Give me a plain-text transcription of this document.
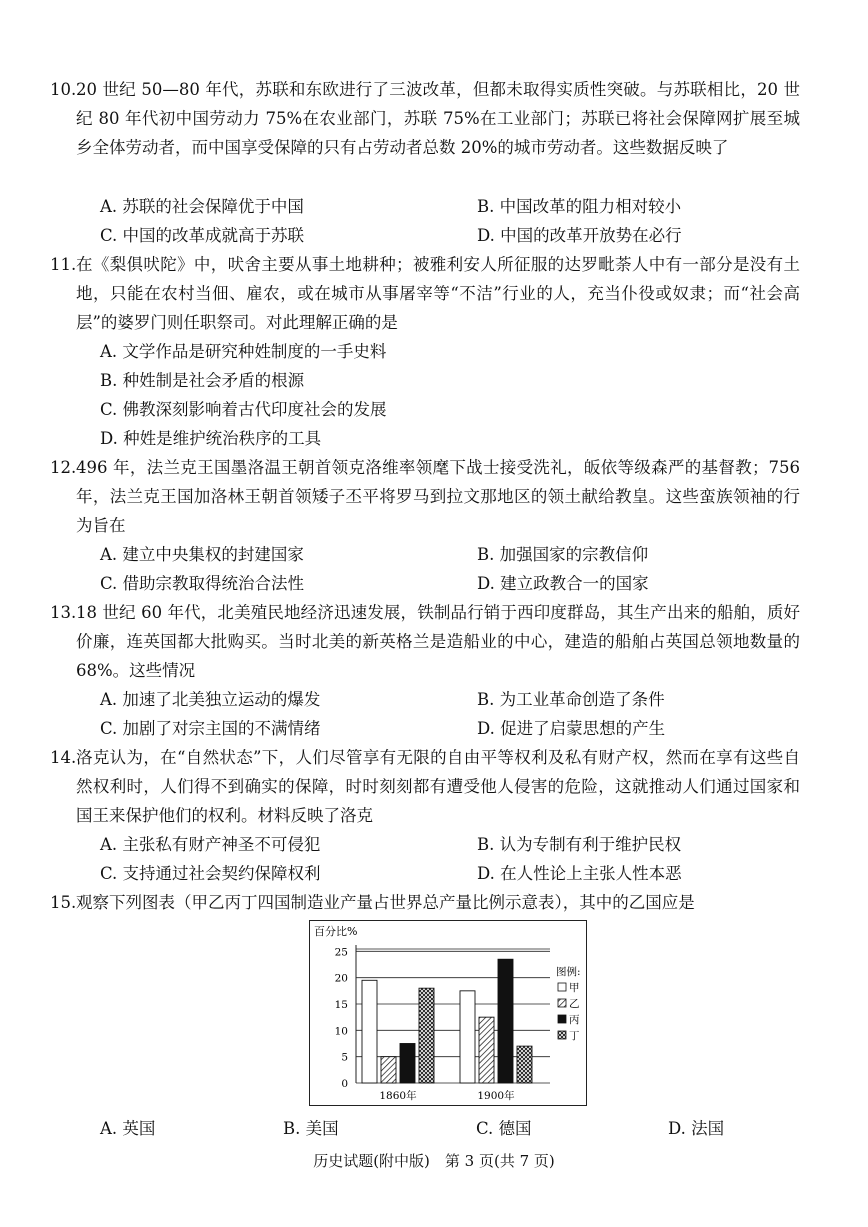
10. 20 世纪 50—80 年代，苏联和东欧进行了三波改革，但都未取得实质性突破。与苏联相比，20 世纪 80 年代初中国劳动力 75%在农业部门，苏联 75%在工业部门；苏联已将社会保障网扩展至城乡全体劳动者，而中国享受保障的只有占劳动者总数 20%的城市劳动者。这些数据反映了
A. 苏联的社会保障优于中国	B. 中国改革的阻力相对较小
C. 中国的改革成就高于苏联	D. 中国的改革开放势在必行
11. 在《梨俱吠陀》中，吠舍主要从事土地耕种；被雅利安人所征服的达罗毗荼人中有一部分是没有土地，只能在农村当佃、雇农，或在城市从事屠宰等“不洁”行业的人，充当仆役或奴隶；而“社会高层”的婆罗门则任职祭司。对此理解正确的是
A. 文学作品是研究种姓制度的一手史料
B. 种姓制是社会矛盾的根源
C. 佛教深刻影响着古代印度社会的发展
D. 种姓是维护统治秩序的工具
12. 496 年，法兰克王国墨洛温王朝首领克洛维率领麾下战士接受洗礼，皈依等级森严的基督教；756 年，法兰克王国加洛林王朝首领矮子丕平将罗马到拉文那地区的领土献给教皇。这些蛮族领袖的行为旨在
A. 建立中央集权的封建国家	B. 加强国家的宗教信仰
C. 借助宗教取得统治合法性	D. 建立政教合一的国家
13. 18 世纪 60 年代，北美殖民地经济迅速发展，铁制品行销于西印度群岛，其生产出来的船舶，质好价廉，连英国都大批购买。当时北美的新英格兰是造船业的中心，建造的船舶占英国总领地数量的 68%。这些情况
A. 加速了北美独立运动的爆发	B. 为工业革命创造了条件
C. 加剧了对宗主国的不满情绪	D. 促进了启蒙思想的产生
14. 洛克认为，在“自然状态”下，人们尽管享有无限的自由平等权利及私有财产权，然而在享有这些自然权利时，人们得不到确实的保障，时时刻刻都有遭受他人侵害的危险，这就推动人们通过国家和国王来保护他们的权利。材料反映了洛克
A. 主张私有财产神圣不可侵犯	B. 认为专制有利于维护民权
C. 支持通过社会契约保障权利	D. 在人性论上主张人性本恶
15. 观察下列图表（甲乙丙丁四国制造业产量占世界总产量比例示意表），其中的乙国应是
百分比%
0
5
10
15
20
25
1860年	1900年
图例:
甲
乙
丙
丁
A. 英国	B. 美国	C. 德国	D. 法国
历史试题(附中版)　第 3 页(共 7 页)
